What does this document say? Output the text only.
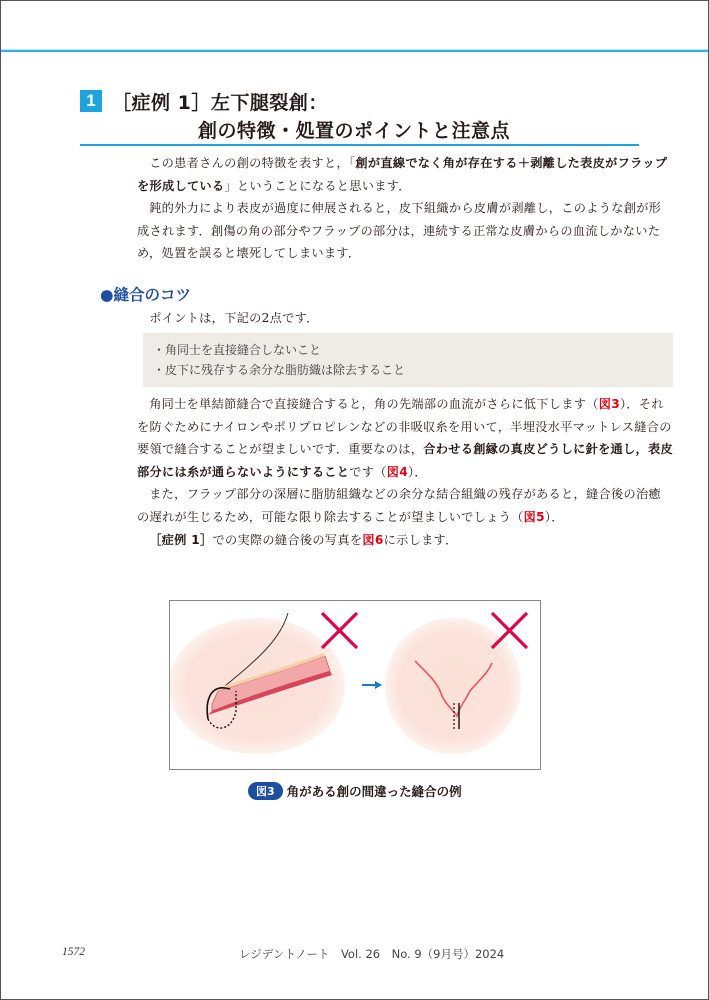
1 ［症例 1］左下腿裂創：
創の特徴・処置のポイントと注意点

この患者さんの創の特徴を表すと，「創が直線でなく角が存在する＋剥離した表皮がフラップを形成している」ということになると思います．

鈍的外力により表皮が過度に伸展されると，皮下組織から皮膚が剥離し，このような創が形成されます．創傷の角の部分やフラップの部分は，連続する正常な皮膚からの血流しかないため，処置を誤ると壊死してしまいます．

●縫合のコツ

ポイントは，下記の2点です．

・角同士を直接縫合しないこと
・皮下に残存する余分な脂肪織は除去すること

角同士を単結節縫合で直接縫合すると，角の先端部の血流がさらに低下します（図3）．それを防ぐためにナイロンやポリプロピレンなどの非吸収糸を用いて，半埋没水平マットレス縫合の要領で縫合することが望ましいです．重要なのは，合わせる創縁の真皮どうしに針を通し，表皮部分には糸が通らないようにすることです（図4）．

また，フラップ部分の深層に脂肪組織などの余分な結合組織の残存があると，縫合後の治癒の遅れが生じるため，可能な限り除去することが望ましいでしょう（図5）．

［症例 1］での実際の縫合後の写真を図6に示します．

図3 角がある創の間違った縫合の例
1572	レジデントノート　Vol. 26　No. 9（9月号）2024
